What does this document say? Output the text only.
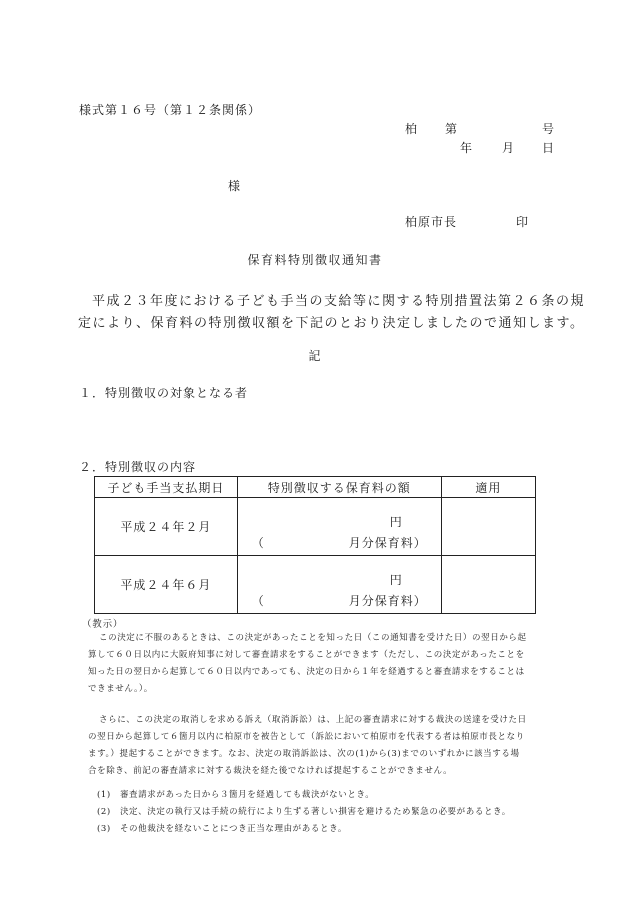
様式第１６号（第１２条関係）
柏 第	号
年 月 日
様
柏原市長	印
保育料特別徴収通知書
平成２３年度における子ども手当の支給等に関する特別措置法第２６条の規
定により、保育料の特別徴収額を下記のとおり決定しましたので通知します。
記
１．特別徴収の対象となる者
２．特別徴収の内容
子ども手当支払期日	特別徴収する保育料の額	適用
平成２４年２月	円
（ 月分保育料）	

平成２４年６月	円
（ 月分保育料）	

（教示）

この決定に不服のあるときは、この決定があったことを知った日（この通知書を受けた日）の翌日から起

算して６０日以内に大阪府知事に対して審査請求をすることができます（ただし、この決定があったことを

知った日の翌日から起算して６０日以内であっても、決定の日から１年を経過すると審査請求をすることは

できません。）。

さらに、この決定の取消しを求める訴え（取消訴訟）は、上記の審査請求に対する裁決の送達を受けた日

の翌日から起算して６箇月以内に柏原市を被告として（訴訟において柏原市を代表する者は柏原市長となり

ます。）提起することができます。なお、決定の取消訴訟は、次の(1)から(3)までのいずれかに該当する場

合を除き、前記の審査請求に対する裁決を経た後でなければ提起することができません。

(1)　審査請求があった日から３箇月を経過しても裁決がないとき。

(2)　決定、決定の執行又は手続の続行により生ずる著しい損害を避けるため緊急の必要があるとき。

(3)　その他裁決を経ないことにつき正当な理由があるとき。
